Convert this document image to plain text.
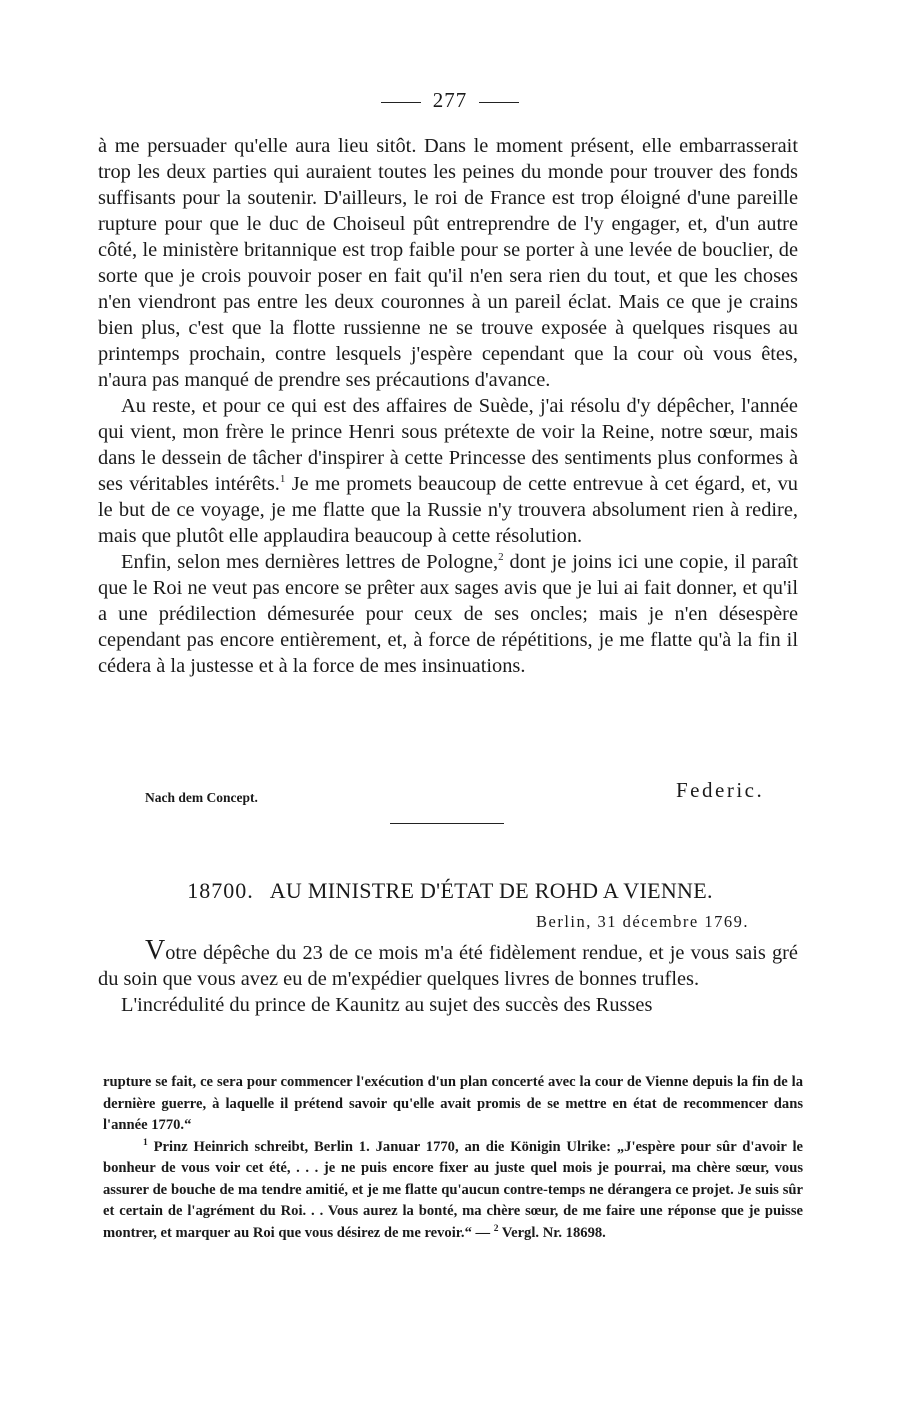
277

à me persuader qu'elle aura lieu sitôt. Dans le moment présent, elle embarrasserait trop les deux parties qui auraient toutes les peines du monde pour trouver des fonds suffisants pour la soutenir. D'ailleurs, le roi de France est trop éloigné d'une pareille rupture pour que le duc de Choiseul pût entreprendre de l'y engager, et, d'un autre côté, le ministère britannique est trop faible pour se porter à une levée de bouclier, de sorte que je crois pouvoir poser en fait qu'il n'en sera rien du tout, et que les choses n'en viendront pas entre les deux couronnes à un pareil éclat. Mais ce que je crains bien plus, c'est que la flotte russienne ne se trouve exposée à quelques risques au printemps prochain, contre lesquels j'espère cependant que la cour où vous êtes, n'aura pas manqué de prendre ses précautions d'avance.

Au reste, et pour ce qui est des affaires de Suède, j'ai résolu d'y dépêcher, l'année qui vient, mon frère le prince Henri sous prétexte de voir la Reine, notre sœur, mais dans le dessein de tâcher d'inspirer à cette Princesse des sentiments plus conformes à ses véritables intérêts.$^1$ Je me promets beaucoup de cette entrevue à cet égard, et, vu le but de ce voyage, je me flatte que la Russie n'y trouvera absolument rien à redire, mais que plutôt elle applaudira beaucoup à cette résolution.

Enfin, selon mes dernières lettres de Pologne,$^2$ dont je joins ici une copie, il paraît que le Roi ne veut pas encore se prêter aux sages avis que je lui ai fait donner, et qu'il a une prédilection démesurée pour ceux de ses oncles; mais je n'en désespère cependant pas encore entièrement, et, à force de répétitions, je me flatte qu'à la fin il cédera à la justesse et à la force de mes insinuations.

Nach dem Concept.	Federic.
18700. AU MINISTRE D'ÉTAT DE ROHD A VIENNE.
Berlin, 31 décembre 1769.

Votre dépêche du 23 de ce mois m'a été fidèlement rendue, et je vous sais gré du soin que vous avez eu de m'expédier quelques livres de bonnes trufles.

L'incrédulité du prince de Kaunitz au sujet des succès des Russes

rupture se fait, ce sera pour commencer l'exécution d'un plan concerté avec la cour de Vienne depuis la fin de la dernière guerre, à laquelle il prétend savoir qu'elle avait promis de se mettre en état de recommencer dans l'année 1770.“

$^1$ Prinz Heinrich schreibt, Berlin 1. Januar 1770, an die Königin Ulrike: „J'espère pour sûr d'avoir le bonheur de vous voir cet été, . . . je ne puis encore fixer au juste quel mois je pourrai, ma chère sœur, vous assurer de bouche de ma tendre amitié, et je me flatte qu'aucun contre-temps ne dérangera ce projet. Je suis sûr et certain de l'agrément du Roi. . . Vous aurez la bonté, ma chère sœur, de me faire une réponse que je puisse montrer, et marquer au Roi que vous désirez de me revoir.“ — $^2$ Vergl. Nr. 18698.
